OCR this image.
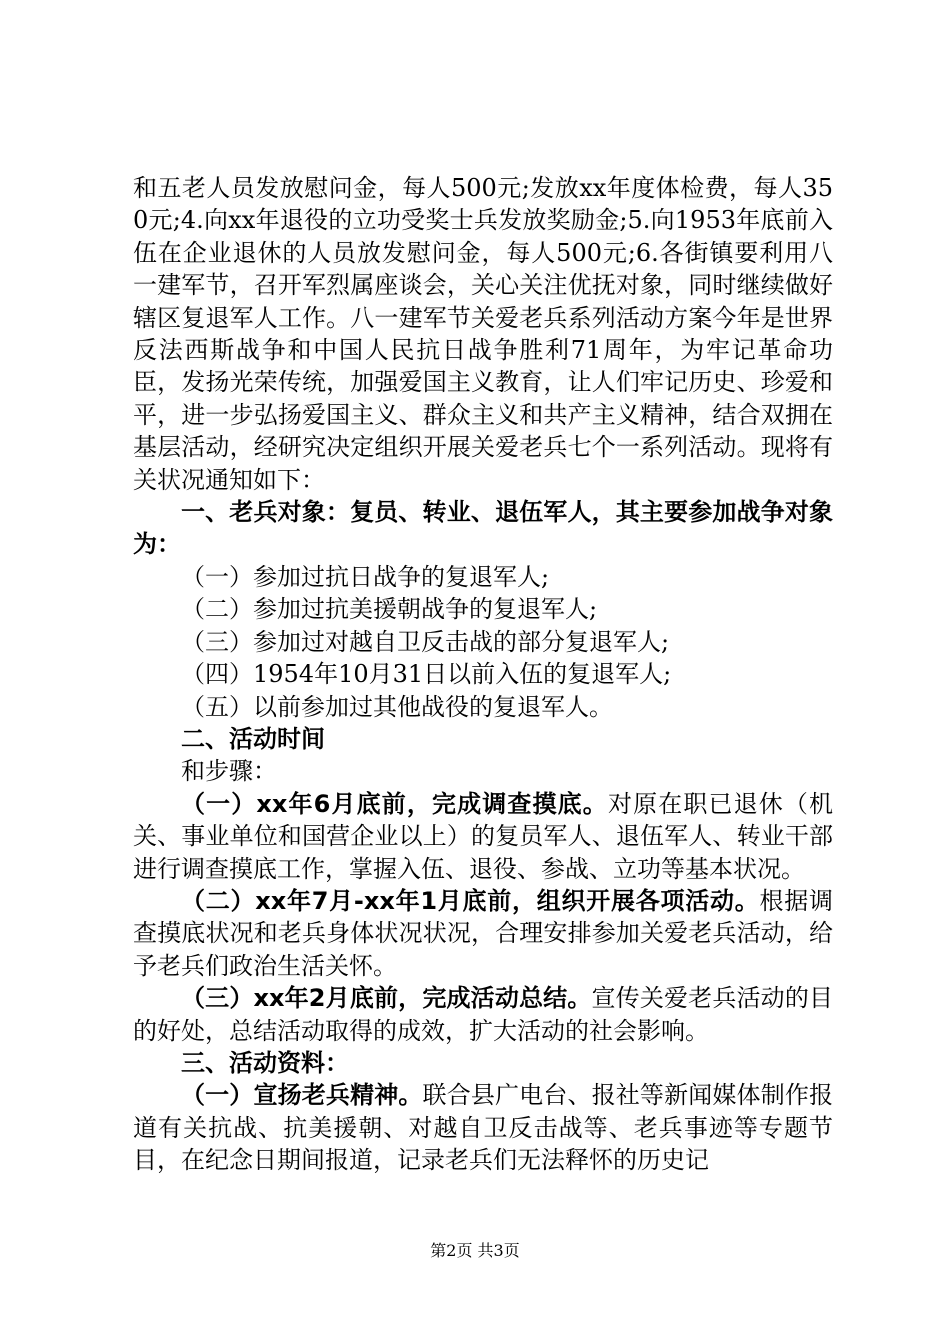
和五老人员发放慰问金，每人500元;发放xx年度体检费，每人350元;4.向xx年退役的立功受奖士兵发放奖励金;5.向1953年底前入伍在企业退休的人员放发慰问金，每人500元;6.各街镇要利用八一建军节，召开军烈属座谈会，关心关注优抚对象，同时继续做好辖区复退军人工作。八一建军节关爱老兵系列活动方案今年是世界反法西斯战争和中国人民抗日战争胜利71周年，为牢记革命功臣，发扬光荣传统，加强爱国主义教育，让人们牢记历史、珍爱和平，进一步弘扬爱国主义、群众主义和共产主义精神，结合双拥在基层活动，经研究决定组织开展关爱老兵七个一系列活动。现将有关状况通知如下：

一、老兵对象：复员、转业、退伍军人，其主要参加战争对象为：

（一）参加过抗日战争的复退军人;

（二）参加过抗美援朝战争的复退军人;

（三）参加过对越自卫反击战的部分复退军人;

（四）1954年10月31日以前入伍的复退军人;

（五）以前参加过其他战役的复退军人。

二、活动时间

和步骤：

（一）xx年6月底前，完成调查摸底。对原在职已退休（机关、事业单位和国营企业以上）的复员军人、退伍军人、转业干部进行调查摸底工作，掌握入伍、退役、参战、立功等基本状况。

（二）xx年7月-xx年1月底前，组织开展各项活动。根据调查摸底状况和老兵身体状况状况，合理安排参加关爱老兵活动，给予老兵们政治生活关怀。

（三）xx年2月底前，完成活动总结。宣传关爱老兵活动的目的好处，总结活动取得的成效，扩大活动的社会影响。

三、活动资料：

（一）宣扬老兵精神。联合县广电台、报社等新闻媒体制作报道有关抗战、抗美援朝、对越自卫反击战等、老兵事迹等专题节目，在纪念日期间报道，记录老兵们无法释怀的历史记

第2页 共3页
